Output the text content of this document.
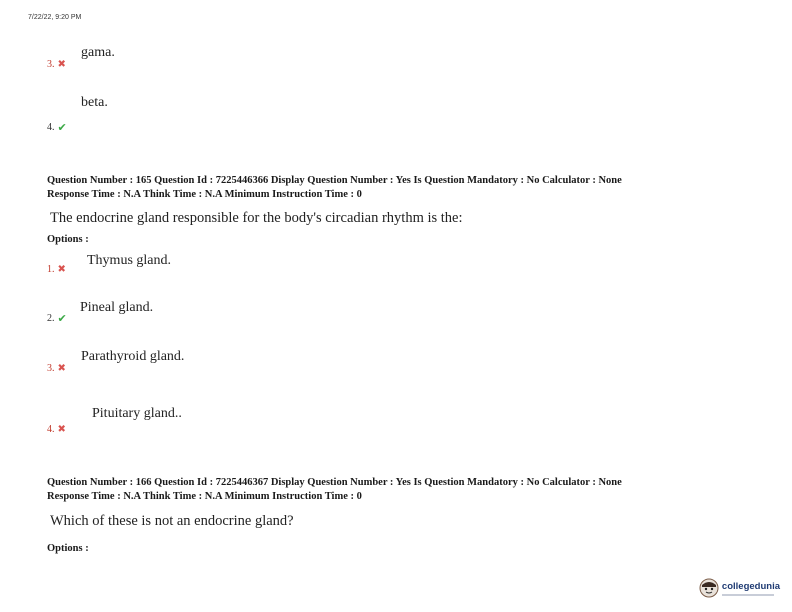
7/22/22, 9:20 PM
gama.
3. ✖
beta.
4. ✔
Question Number : 165 Question Id : 7225446366 Display Question Number : Yes Is Question Mandatory : No Calculator : None
Response Time : N.A Think Time : N.A Minimum Instruction Time : 0
The endocrine gland responsible for the body's circadian rhythm is the:
Options :
Thymus gland.
1. ✖
Pineal gland.
2. ✔
Parathyroid gland.
3. ✖
Pituitary gland..
4. ✖
Question Number : 166 Question Id : 7225446367 Display Question Number : Yes Is Question Mandatory : No Calculator : None
Response Time : N.A Think Time : N.A Minimum Instruction Time : 0
Which of these is not an endocrine gland?
Options :
collegedunia
